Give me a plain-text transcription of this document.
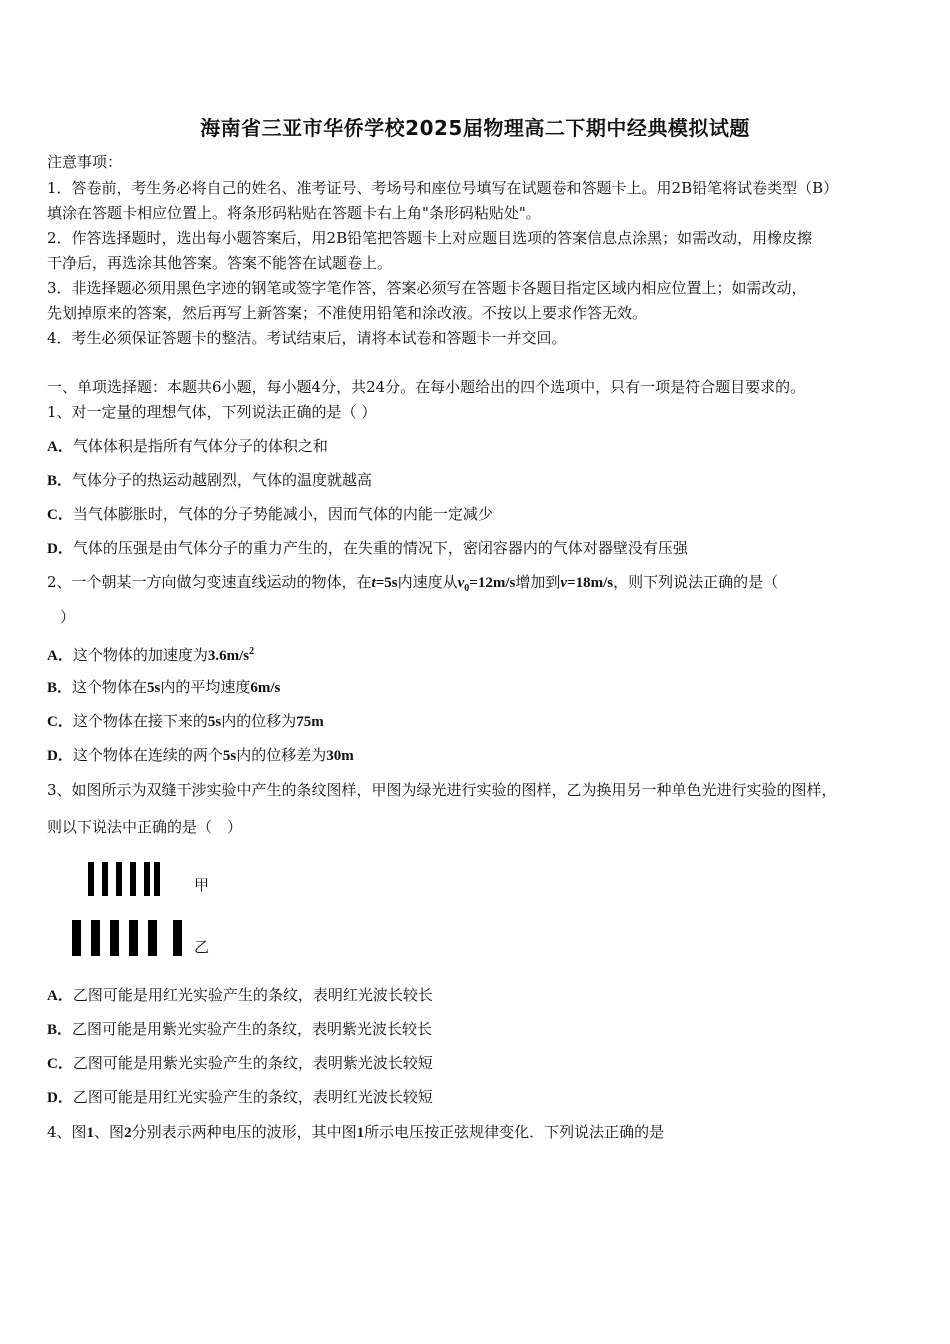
海南省三亚市华侨学校2025届物理高二下期中经典模拟试题
注意事项：
1．答卷前，考生务必将自己的姓名、准考证号、考场号和座位号填写在试题卷和答题卡上。用2B铅笔将试卷类型（B）
填涂在答题卡相应位置上。将条形码粘贴在答题卡右上角"条形码粘贴处"。
2．作答选择题时，选出每小题答案后，用2B铅笔把答题卡上对应题目选项的答案信息点涂黑；如需改动，用橡皮擦
干净后，再选涂其他答案。答案不能答在试题卷上。
3．非选择题必须用黑色字迹的钢笔或签字笔作答，答案必须写在答题卡各题目指定区域内相应位置上；如需改动，
先划掉原来的答案，然后再写上新答案；不准使用铅笔和涂改液。不按以上要求作答无效。
4．考生必须保证答题卡的整洁。考试结束后，请将本试卷和答题卡一并交回。
一、单项选择题：本题共6小题，每小题4分，共24分。在每小题给出的四个选项中，只有一项是符合题目要求的。
1、对一定量的理想气体，下列说法正确的是（ ）
A．气体体积是指所有气体分子的体积之和
B．气体分子的热运动越剧烈，气体的温度就越高
C．当气体膨胀时，气体的分子势能减小，因而气体的内能一定减少
D．气体的压强是由气体分子的重力产生的，在失重的情况下，密闭容器内的气体对器壁没有压强
2、一个朝某一方向做匀变速直线运动的物体，在t=5s内速度从$v_0=12m/s$增加到v=18m/s，则下列说法正确的是（
）
A．这个物体的加速度为$3.6m/s^2$
B．这个物体在5s内的平均速度6m/s
C．这个物体在接下来的5s内的位移为75m
D．这个物体在连续的两个5s内的位移差为30m
3、如图所示为双缝干涉实验中产生的条纹图样，甲图为绿光进行实验的图样，乙为换用另一种单色光进行实验的图样，
则以下说法中正确的是（　）
甲
乙
A．乙图可能是用红光实验产生的条纹，表明红光波长较长
B．乙图可能是用紫光实验产生的条纹，表明紫光波长较长
C．乙图可能是用紫光实验产生的条纹，表明紫光波长较短
D．乙图可能是用红光实验产生的条纹，表明红光波长较短
4、图1、图2分别表示两种电压的波形，其中图1所示电压按正弦规律变化．下列说法正确的是
